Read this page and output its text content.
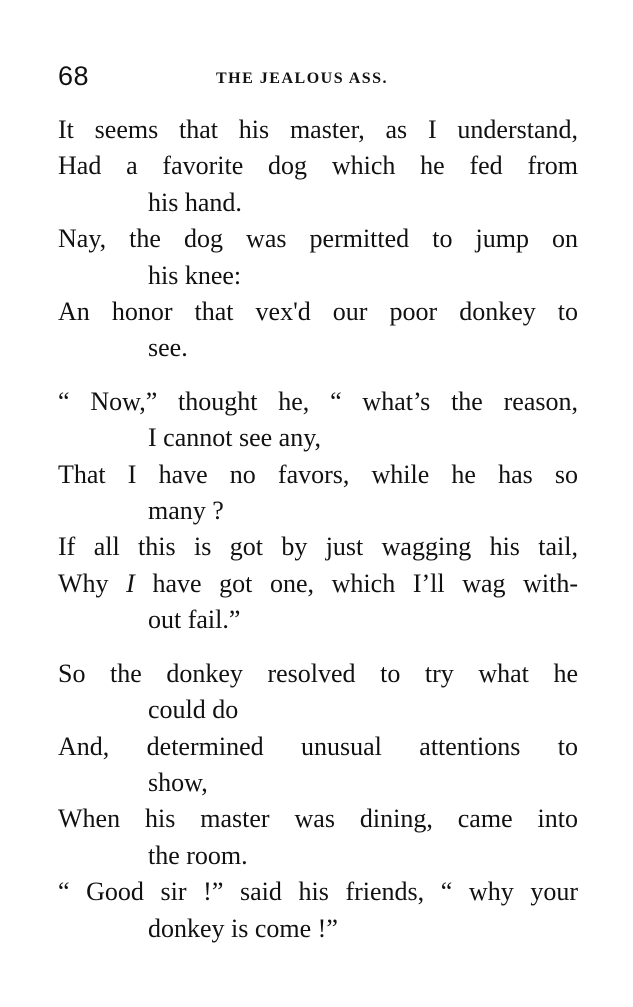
68	THE JEALOUS ASS.

It seems that his master, as I understand,

Had a favorite dog which he fed from

his hand.

Nay, the dog was permitted to jump on

his knee:

An honor that vex'd our poor donkey to

see.

“ Now,” thought he, “ what’s the reason,

I cannot see any,

That I have no favors, while he has so

many ?

If all this is got by just wagging his tail,

Why I have got one, which I’ll wag with-

out fail.”

So the donkey resolved to try what he

could do

And, determined unusual attentions to

show,

When his master was dining, came into

the room.

“ Good sir !” said his friends, “ why your

donkey is come !”
